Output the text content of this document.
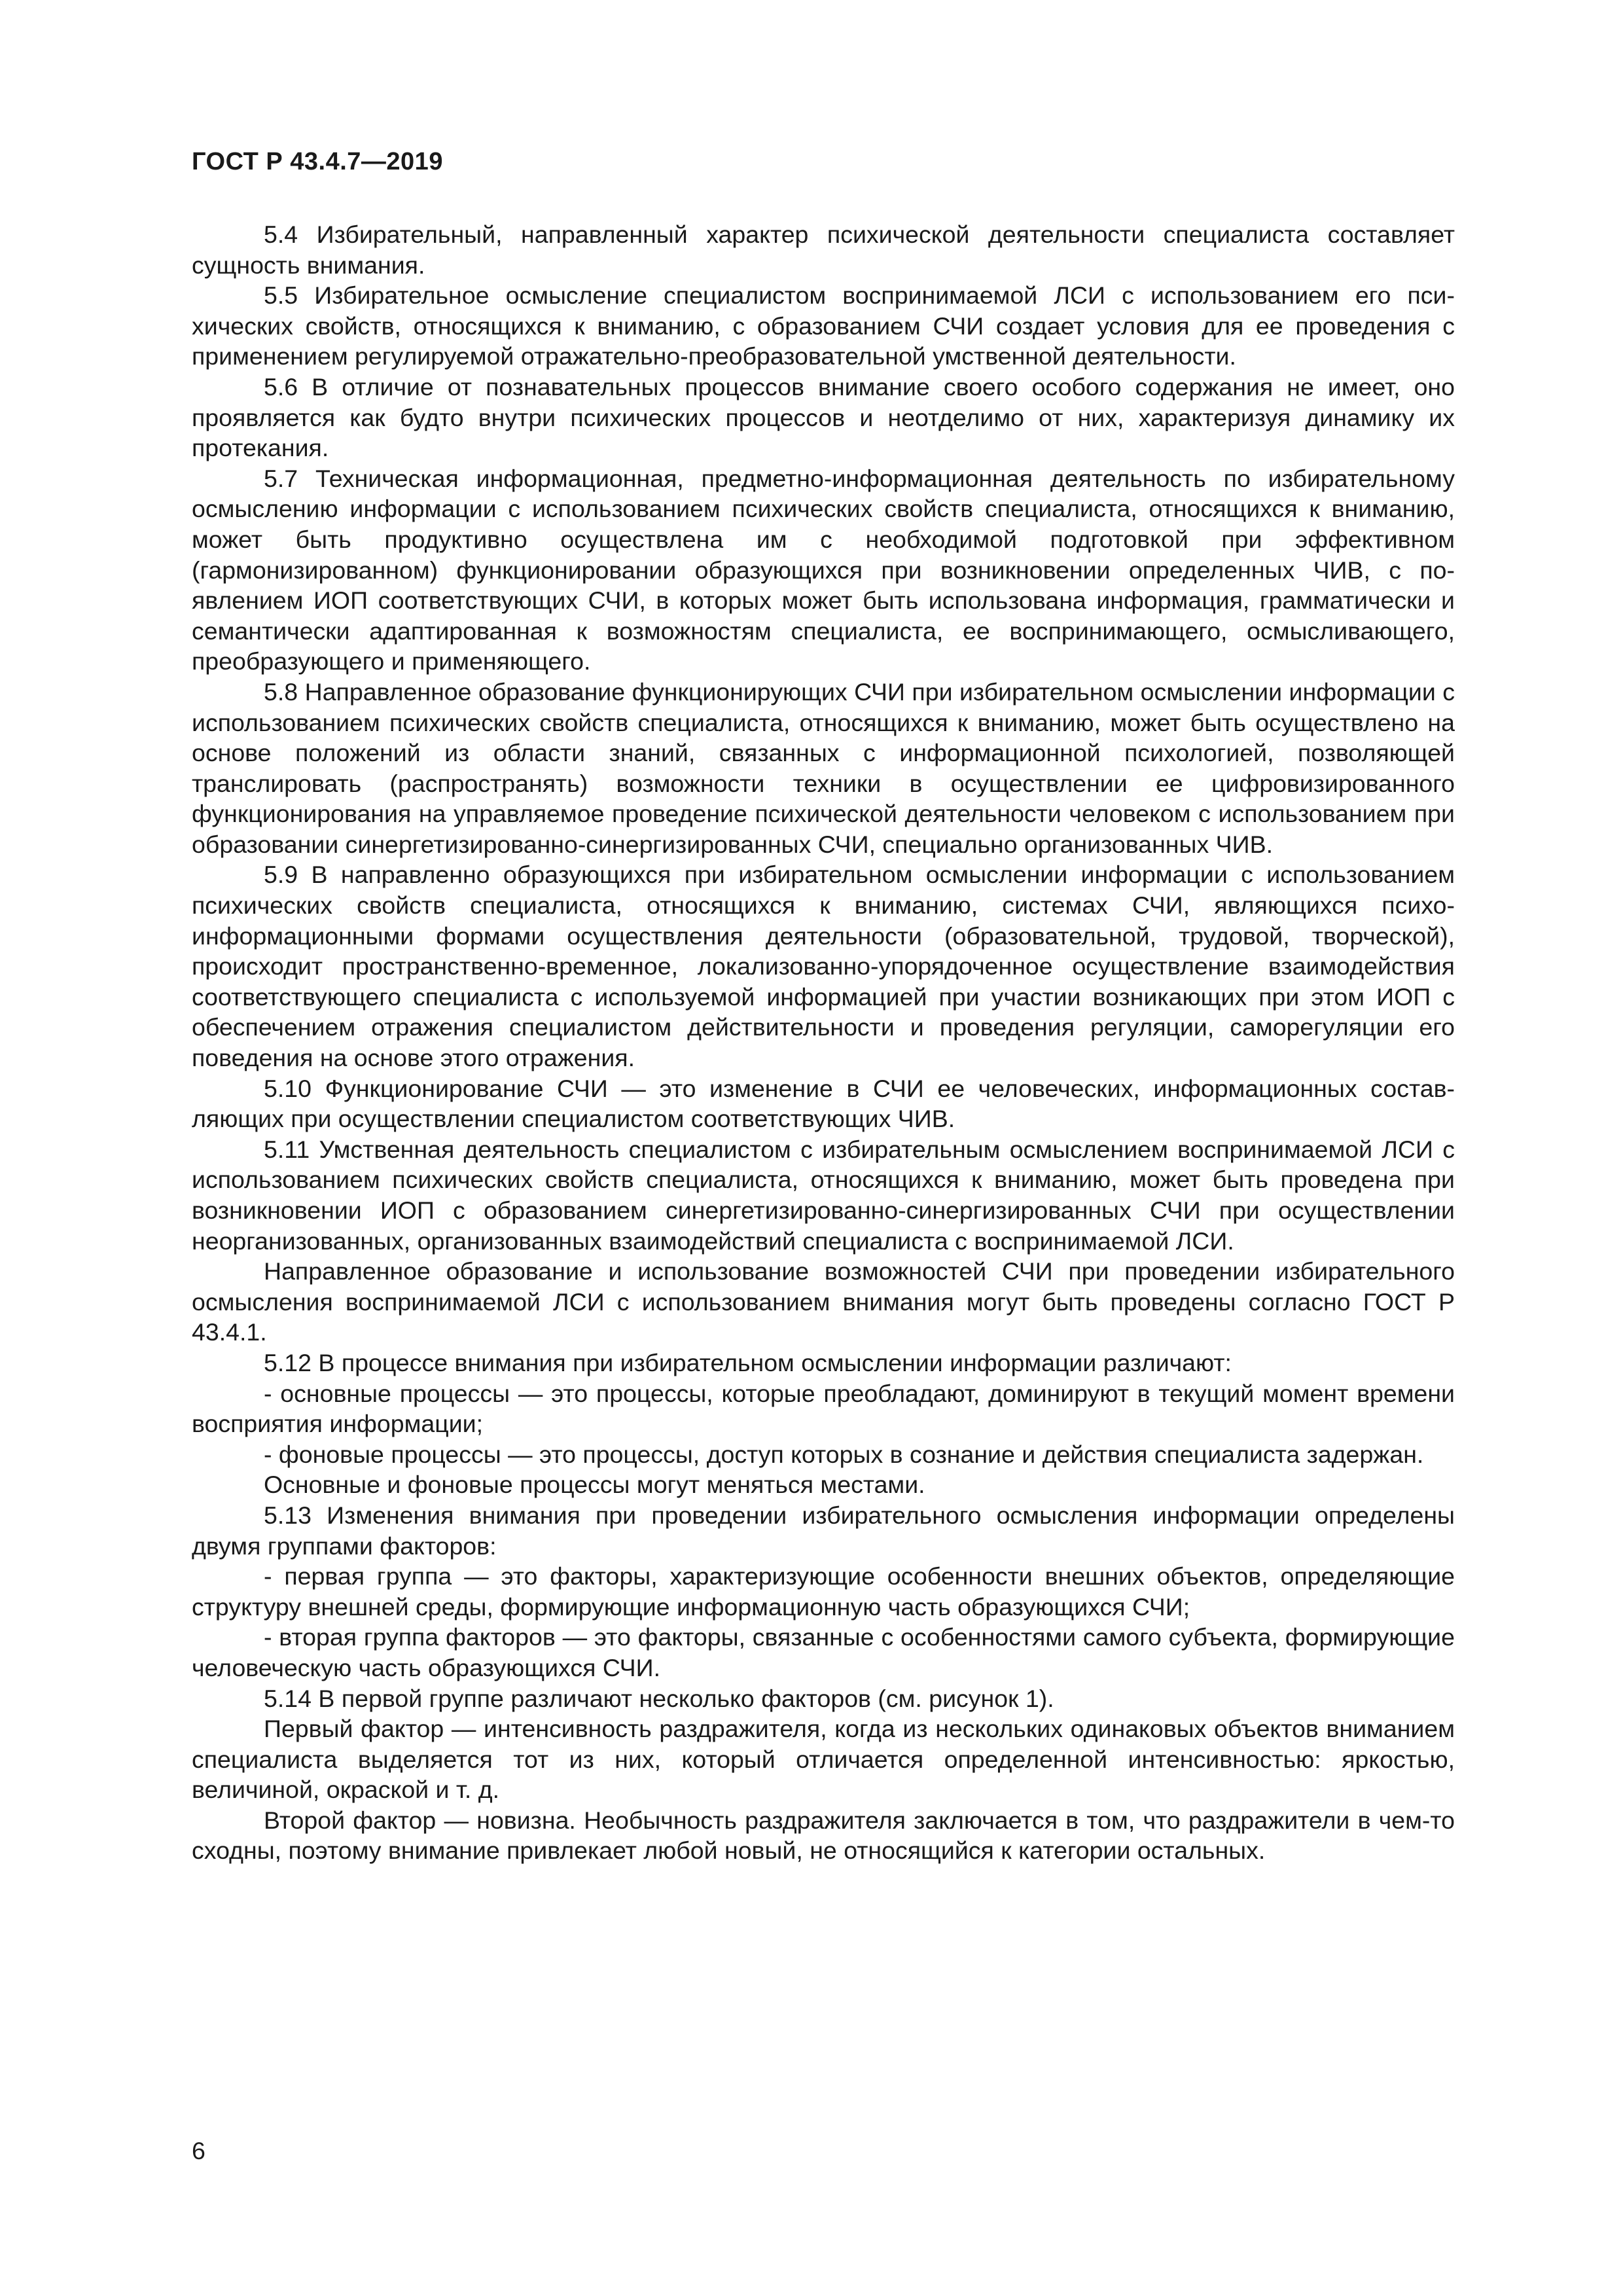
ГОСТ Р 43.4.7—2019

5.4 Избирательный, направленный характер психической деятельности специалиста составляет сущность внимания.

5.5 Избирательное осмысление специалистом воспринимаемой ЛСИ с использованием его психических свойств, относящихся к вниманию, с образованием СЧИ создает условия для ее проведения с применением регулируемой отражательно-преобразовательной умственной деятельности.

5.6 В отличие от познавательных процессов внимание своего особого содержания не имеет, оно проявляется как будто внутри психических процессов и неотделимо от них, характеризуя динамику их протекания.

5.7 Техническая информационная, предметно-информационная деятельность по избирательному осмыслению информации с использованием психических свойств специалиста, относящихся к вниманию, может быть продуктивно осуществлена им с необходимой подготовкой при эффективном (гармонизированном) функционировании образующихся при возникновении определенных ЧИВ, с появлением ИОП соответствующих СЧИ, в которых может быть использована информация, грамматически и семантически адаптированная к возможностям специалиста, ее воспринимающего, осмысливающего, преобразующего и применяющего.

5.8 Направленное образование функционирующих СЧИ при избирательном осмыслении информации с использованием психических свойств специалиста, относящихся к вниманию, может быть осуществлено на основе положений из области знаний, связанных с информационной психологией, позволяющей транслировать (распространять) возможности техники в осуществлении ее цифровизированного функционирования на управляемое проведение психической деятельности человеком с использованием при образовании синергетизированно-синергизированных СЧИ, специально организованных ЧИВ.

5.9 В направленно образующихся при избирательном осмыслении информации с использованием психических свойств специалиста, относящихся к вниманию, системах СЧИ, являющихся психоинформационными формами осуществления деятельности (образовательной, трудовой, творческой), происходит пространственно-временное, локализованно-упорядоченное осуществление взаимодействия соответствующего специалиста с используемой информацией при участии возникающих при этом ИОП с обеспечением отражения специалистом действительности и проведения регуляции, саморегуляции его поведения на основе этого отражения.

5.10 Функционирование СЧИ — это изменение в СЧИ ее человеческих, информационных составляющих при осуществлении специалистом соответствующих ЧИВ.

5.11 Умственная деятельность специалистом с избирательным осмыслением воспринимаемой ЛСИ с использованием психических свойств специалиста, относящихся к вниманию, может быть проведена при возникновении ИОП с образованием синергетизированно-синергизированных СЧИ при осуществлении неорганизованных, организованных взаимодействий специалиста с воспринимаемой ЛСИ.

Направленное образование и использование возможностей СЧИ при проведении избирательного осмысления воспринимаемой ЛСИ с использованием внимания могут быть проведены согласно ГОСТ Р 43.4.1.

5.12 В процессе внимания при избирательном осмыслении информации различают:

- основные процессы — это процессы, которые преобладают, доминируют в текущий момент времени восприятия информации;

- фоновые процессы — это процессы, доступ которых в сознание и действия специалиста задержан.

Основные и фоновые процессы могут меняться местами.

5.13 Изменения внимания при проведении избирательного осмысления информации определены двумя группами факторов:

- первая группа — это факторы, характеризующие особенности внешних объектов, определяющие структуру внешней среды, формирующие информационную часть образующихся СЧИ;

- вторая группа факторов — это факторы, связанные с особенностями самого субъекта, формирующие человеческую часть образующихся СЧИ.

5.14 В первой группе различают несколько факторов (см. рисунок 1).

Первый фактор — интенсивность раздражителя, когда из нескольких одинаковых объектов вниманием специалиста выделяется тот из них, который отличается определенной интенсивностью: яркостью, величиной, окраской и т. д.

Второй фактор — новизна. Необычность раздражителя заключается в том, что раздражители в чем-то сходны, поэтому внимание привлекает любой новый, не относящийся к категории остальных.

6
